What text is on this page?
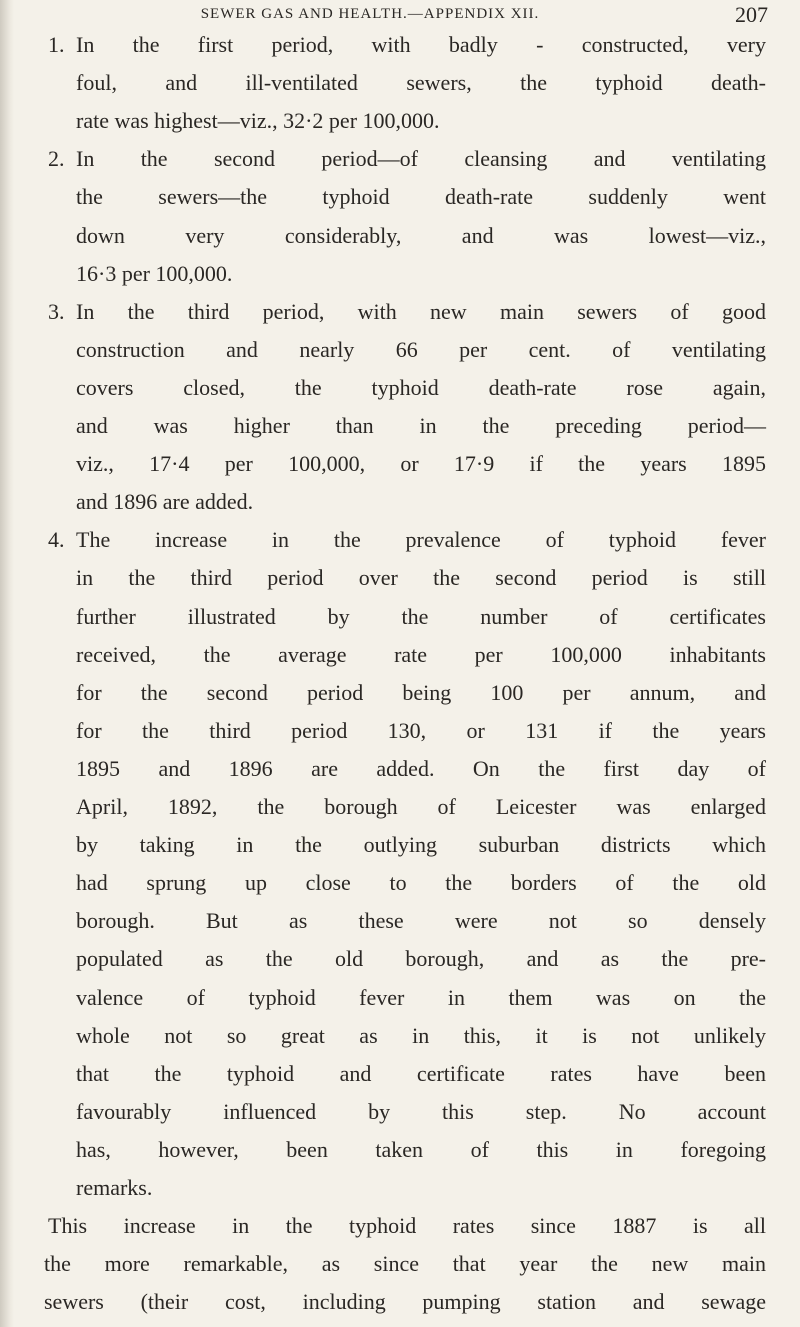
SEWER GAS AND HEALTH.—APPENDIX XII.	207
1. In the first period, with badly - constructed, very
foul, and ill-ventilated sewers, the typhoid death-
rate was highest—viz., 32·2 per 100,000.
2. In the second period—of cleansing and ventilating
the sewers—the typhoid death-rate suddenly went
down very considerably, and was lowest—viz.,
16·3 per 100,000.
3. In the third period, with new main sewers of good
construction and nearly 66 per cent. of ventilating
covers closed, the typhoid death-rate rose again,
and was higher than in the preceding period—
viz., 17·4 per 100,000, or 17·9 if the years 1895
and 1896 are added.
4. The increase in the prevalence of typhoid fever
in the third period over the second period is still
further illustrated by the number of certificates
received, the average rate per 100,000 inhabitants
for the second period being 100 per annum, and
for the third period 130, or 131 if the years
1895 and 1896 are added. On the first day of
April, 1892, the borough of Leicester was enlarged
by taking in the outlying suburban districts which
had sprung up close to the borders of the old
borough. But as these were not so densely
populated as the old borough, and as the pre-
valence of typhoid fever in them was on the
whole not so great as in this, it is not unlikely
that the typhoid and certificate rates have been
favourably influenced by this step. No account
has, however, been taken of this in foregoing
remarks.
This increase in the typhoid rates since 1887 is all
the more remarkable, as since that year the new main
sewers (their cost, including pumping station and sewage
